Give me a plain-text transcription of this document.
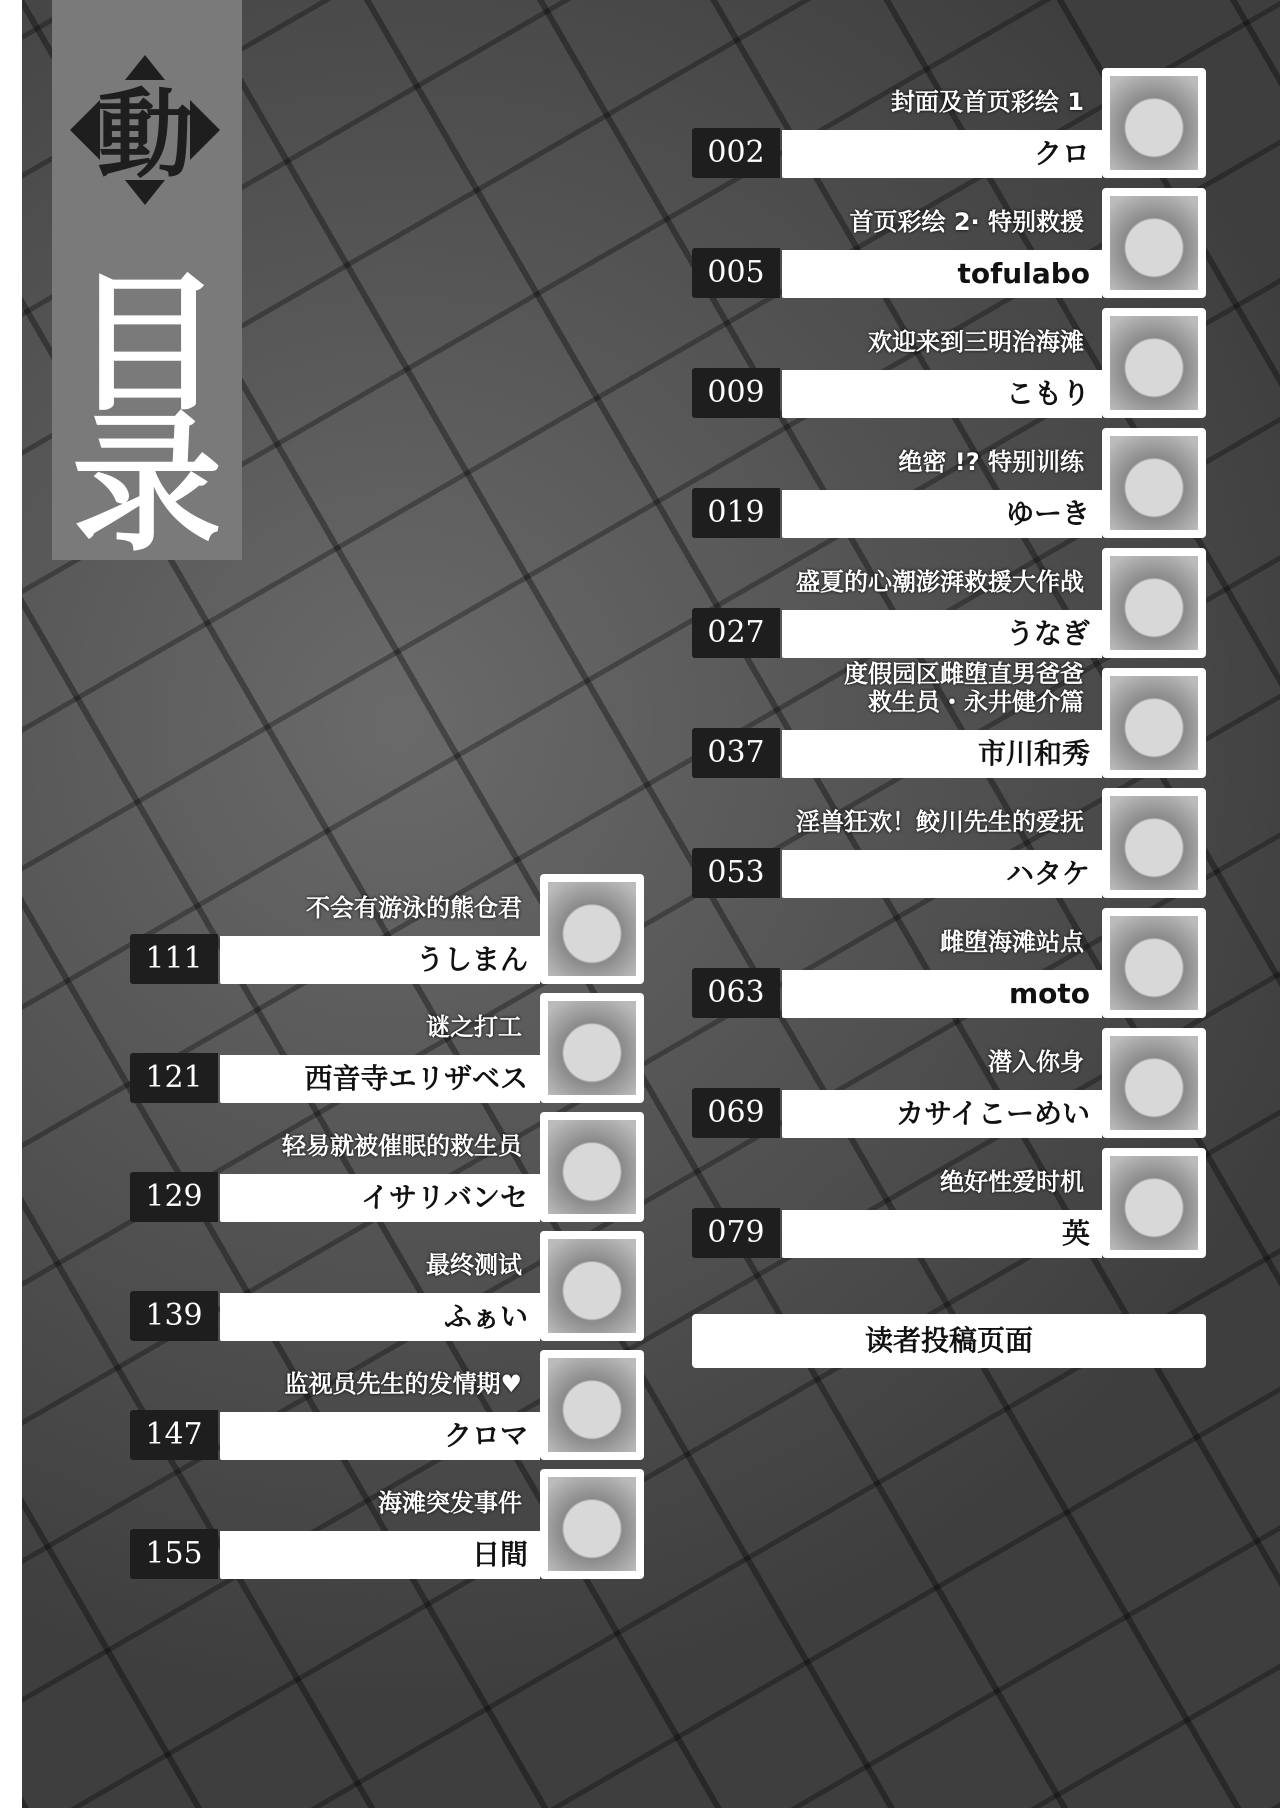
動
目
录
封面及首页彩绘 1
002	クロ
首页彩绘 2· 特别救援
005	tofulabo
欢迎来到三明治海滩
009	こもり
绝密 !? 特别训练
019	ゆーき
盛夏的心潮澎湃救援大作战
027	うなぎ
度假园区雌堕直男爸爸
救生员・永井健介篇
037	市川和秀
淫兽狂欢！鲛川先生的爱抚
053	ハタケ
雌堕海滩站点
063	moto
潜入你身
069	カサイこーめい
绝好性爱时机
079	英
不会有游泳的熊仓君
111	うしまん
谜之打工
121	西音寺エリザベス
轻易就被催眠的救生员
129	イサリバンセ
最终测试
139	ふぁい
监视员先生的发情期♥
147	クロマ
海滩突发事件
155	日間
读者投稿页面
